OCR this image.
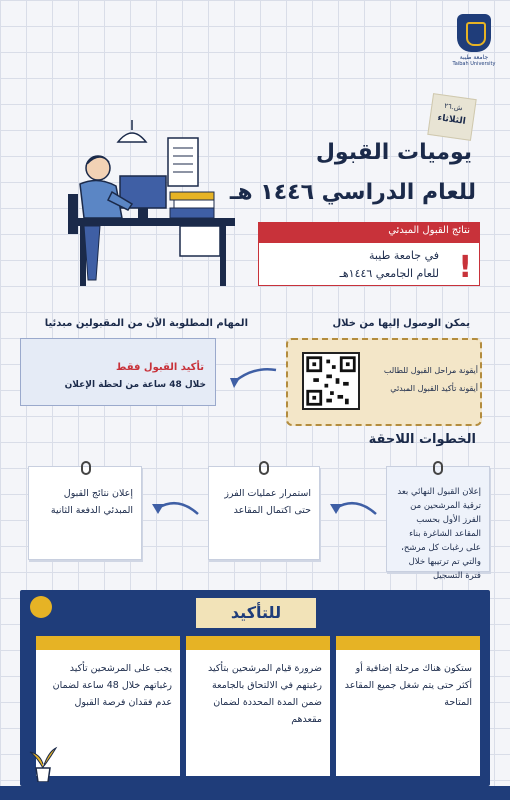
جامعة طيبة
Taibah University
ش.٢٦
الثلاثاء
يوميات القبول
للعام الدراسي ١٤٤٦ هـ
نتائج القبول المبدئي
في جامعة طيبة
للعام الجامعي ١٤٤٦هـ !
يمكن الوصول إليها من خلال
أيقونة مراحل القبول للطالب
أيقونة تأكيد القبول المبدئي
المهام المطلوبة الآن من المقبولين مبدئيا
تأكيد القبول فقط
خلال 48 ساعة من لحظة الإعلان
الخطوات اللاحقة
إعلان القبول النهائي بعد ترقية المرشحين من الفرز الأول بحسب المقاعد الشاغرة بناء على رغبات كل مرشح، والتي تم ترتيبها خلال فترة التسجيل
استمرار عمليات الفرز حتى اكتمال المقاعد
إعلان نتائج القبول المبدئي الدفعة الثانية
للتأكيد
ستكون هناك مرحلة إضافية أو أكثر حتى يتم شغل جميع المقاعد المتاحة
ضرورة قيام المرشحين بتأكيد رغبتهم في الالتحاق بالجامعة ضمن المدة المحددة لضمان مقعدهم
يجب على المرشحين تأكيد رغباتهم خلال 48 ساعة لضمان عدم فقدان فرصة القبول
